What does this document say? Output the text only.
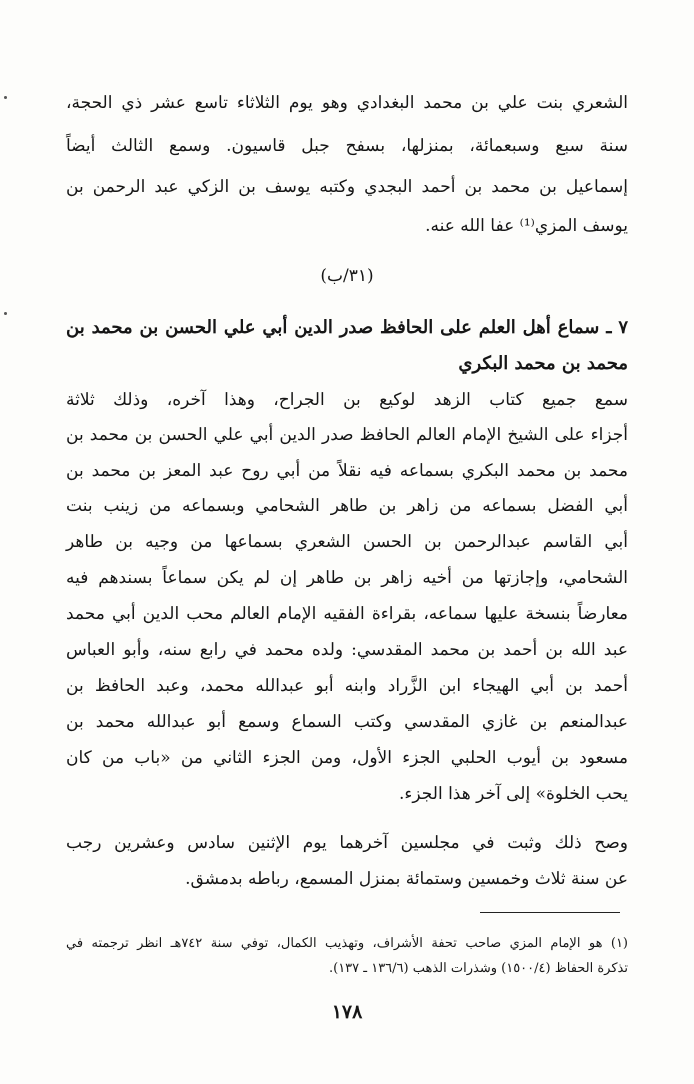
الشعري بنت علي بن محمد البغدادي وهو يوم الثلاثاء تاسع عشر ذي الحجة،
سنة سبع وسبعمائة، بمنزلها، بسفح جبل قاسيون. وسمع الثالث أيضاً
إسماعيل بن محمد بن أحمد البجدي وكتبه يوسف بن الزكي عبد الرحمن بن
يوسف المزي⁽¹⁾ عفا الله عنه.
(٣١/ب)
٧ ـ سماع أهل العلم على الحافظ صدر الدين أبي علي الحسن بن محمد بن
محمد بن محمد البكري
سمع جميع كتاب الزهد لوكيع بن الجراح، وهذا آخره، وذلك ثلاثة
أجزاء على الشيخ الإمام العالم الحافظ صدر الدين أبي علي الحسن بن محمد بن
محمد بن محمد البكري بسماعه فيه نقلاً من أبي روح عبد المعز بن محمد بن
أبي الفضل بسماعه من زاهر بن طاهر الشحامي وبسماعه من زينب بنت
أبي القاسم عبدالرحمن بن الحسن الشعري بسماعها من وجيه بن طاهر
الشحامي، وإجازتها من أخيه زاهر بن طاهر إن لم يكن سماعاً بسندهم فيه
معارضاً بنسخة عليها سماعه، بقراءة الفقيه الإمام العالم محب الدين أبي محمد
عبد الله بن أحمد بن محمد المقدسي: ولده محمد في رابع سنه، وأبو العباس
أحمد بن أبي الهيجاء ابن الزَّراد وابنه أبو عبدالله محمد، وعبد الحافظ بن
عبدالمنعم بن غازي المقدسي وكتب السماع وسمع أبو عبدالله محمد بن
مسعود بن أيوب الحلبي الجزء الأول، ومن الجزء الثاني من «باب من كان
يحب الخلوة» إلى آخر هذا الجزء.
وصح ذلك وثبت في مجلسين آخرهما يوم الإثنين سادس وعشرين رجب
عن سنة ثلاث وخمسين وستمائة بمنزل المسمع، رباطه بدمشق.
(١) هو الإمام المزي صاحب تحفة الأشراف، وتهذيب الكمال، توفي سنة ٧٤٢هـ انظر ترجمته في
تذكرة الحفاظ (١٥٠٠/٤) وشذرات الذهب (١٣٦/٦ ـ ١٣٧).
١٧٨
